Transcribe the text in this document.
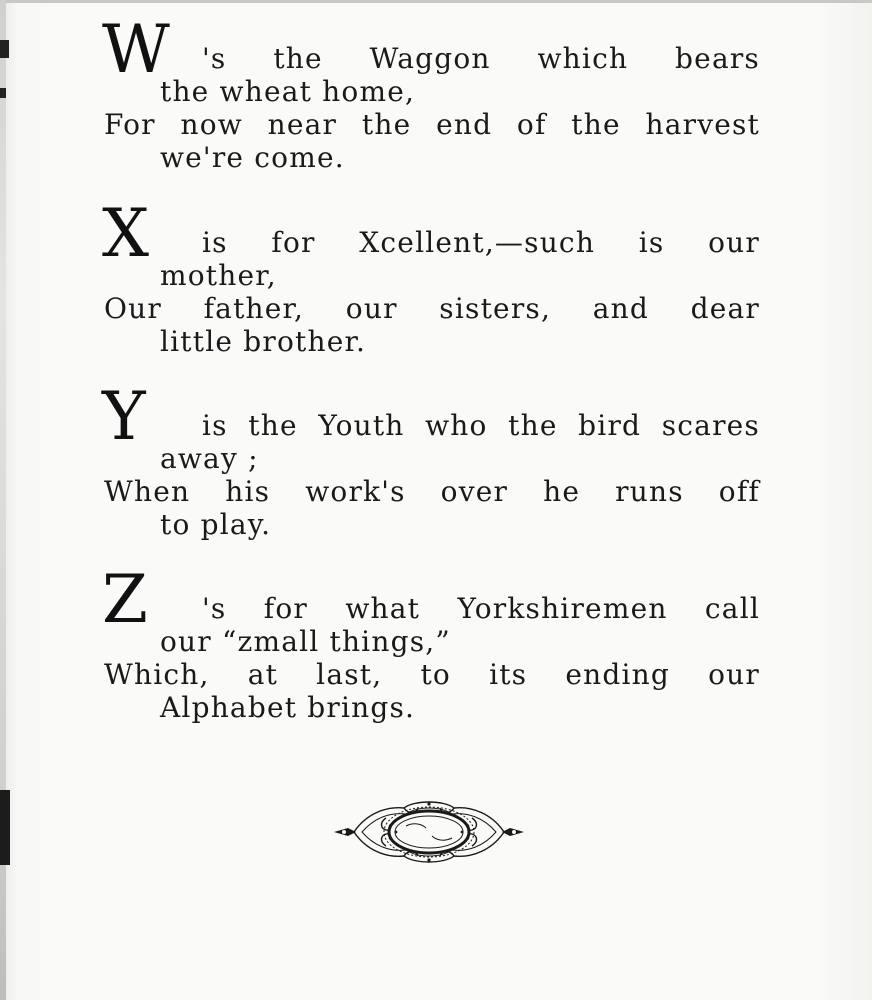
W 's the Waggon which bears
the wheat home,
For now near the end of the harvest
we're come.
X is for Xcellent,—such is our
mother,
Our father, our sisters, and dear
little brother.
Y is the Youth who the bird scares
away ;
When his work's over he runs off
to play.
Z 's for what Yorkshiremen call
our “zmall things,”
Which, at last, to its ending our
Alphabet brings.
